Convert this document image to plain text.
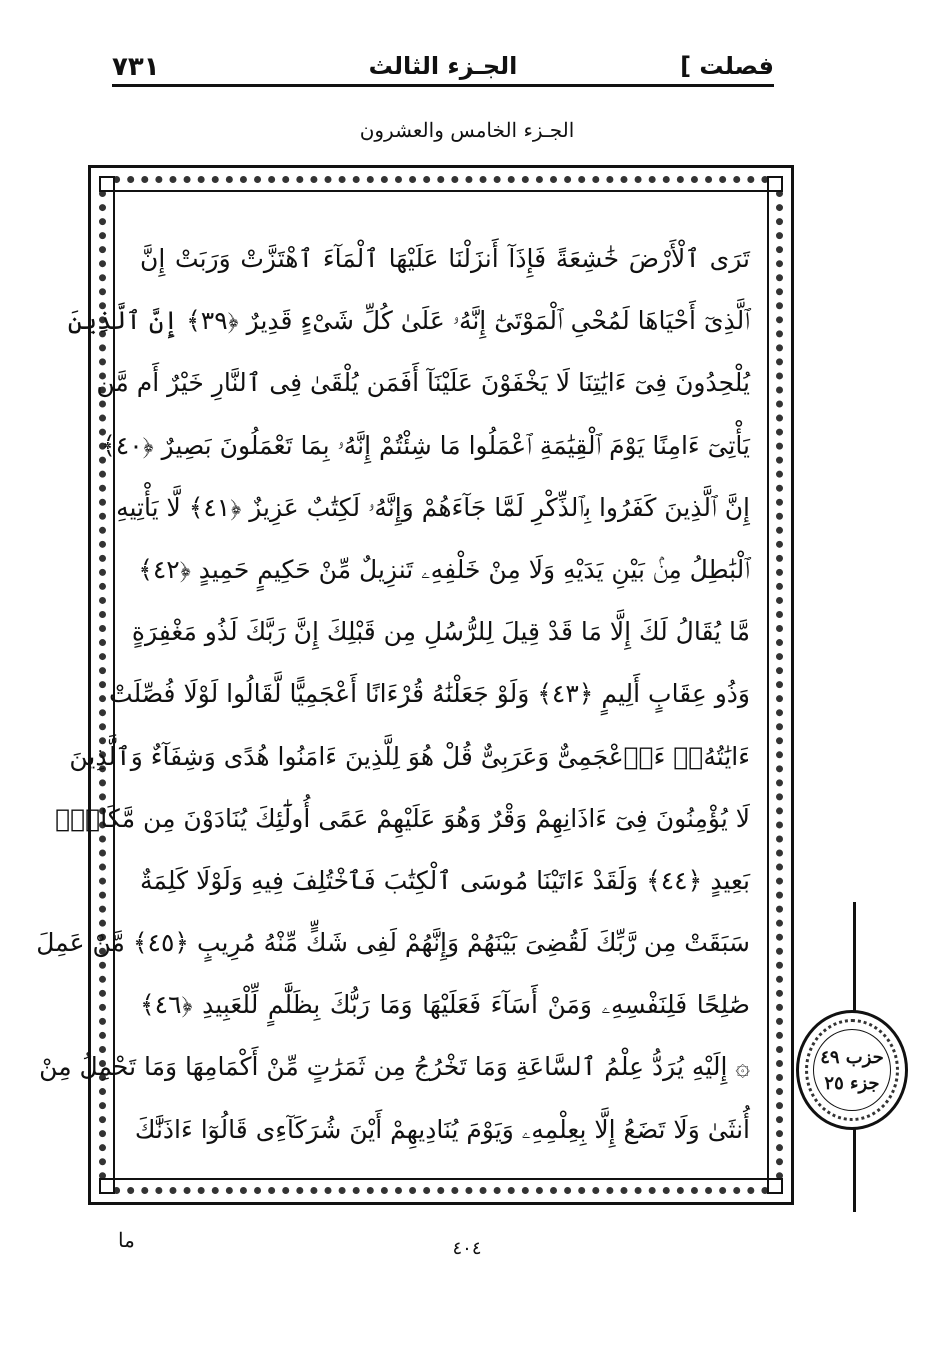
٧٣١	الجـزء الثالث	فصلت ]
الجـزء الخامس والعشرون
تَرَى ٱلْأَرْضَ خَٰشِعَةً فَإِذَآ أَنزَلْنَا عَلَيْهَا ٱلْمَآءَ ٱهْتَزَّتْ وَرَبَتْ إِنَّ
ٱلَّذِىٓ أَحْيَاهَا لَمُحْىِ ٱلْمَوْتَىٰٓ إِنَّهُۥ عَلَىٰ كُلِّ شَىْءٍ قَدِيرٌ ﴿٣٩﴾ إِنَّ ٱلَّذِينَ
يُلْحِدُونَ فِىٓ ءَايَٰتِنَا لَا يَخْفَوْنَ عَلَيْنَآ أَفَمَن يُلْقَىٰ فِى ٱلنَّارِ خَيْرٌ أَم مَّن
يَأْتِىٓ ءَامِنًا يَوْمَ ٱلْقِيَٰمَةِ ٱعْمَلُوا مَا شِئْتُمْ إِنَّهُۥ بِمَا تَعْمَلُونَ بَصِيرٌ ﴿٤٠﴾
إِنَّ ٱلَّذِينَ كَفَرُوا بِٱلذِّكْرِ لَمَّا جَآءَهُمْ وَإِنَّهُۥ لَكِتَٰبٌ عَزِيزٌ ﴿٤١﴾ لَّا يَأْتِيهِ
ٱلْبَٰطِلُ مِنۢ بَيْنِ يَدَيْهِ وَلَا مِنْ خَلْفِهِۦ تَنزِيلٌ مِّنْ حَكِيمٍ حَمِيدٍ ﴿٤٢﴾
مَّا يُقَالُ لَكَ إِلَّا مَا قَدْ قِيلَ لِلرُّسُلِ مِن قَبْلِكَ إِنَّ رَبَّكَ لَذُو مَغْفِرَةٍ
وَذُو عِقَابٍ أَلِيمٍ ﴿٤٣﴾ وَلَوْ جَعَلْنَٰهُ قُرْءَانًا أَعْجَمِيًّا لَّقَالُوا لَوْلَا فُصِّلَتْ
ءَايَٰتُهُۥٓ ءَا۬عْجَمِىٌّ وَعَرَبِىٌّ قُلْ هُوَ لِلَّذِينَ ءَامَنُوا هُدًى وَشِفَآءٌ وَٱلَّذِينَ
لَا يُؤْمِنُونَ فِىٓ ءَاذَانِهِمْ وَقْرٌ وَهُوَ عَلَيْهِمْ عَمًى أُولَٰٓئِكَ يُنَادَوْنَ مِن مَّكَانٍۭ
بَعِيدٍ ﴿٤٤﴾ وَلَقَدْ ءَاتَيْنَا مُوسَى ٱلْكِتَٰبَ فَٱخْتُلِفَ فِيهِ وَلَوْلَا كَلِمَةٌ
سَبَقَتْ مِن رَّبِّكَ لَقُضِىَ بَيْنَهُمْ وَإِنَّهُمْ لَفِى شَكٍّ مِّنْهُ مُرِيبٍ ﴿٤٥﴾ مَّنْ عَمِلَ
صَٰلِحًا فَلِنَفْسِهِۦ وَمَنْ أَسَآءَ فَعَلَيْهَا وَمَا رَبُّكَ بِظَلَّٰمٍ لِّلْعَبِيدِ ﴿٤٦﴾
۞ إِلَيْهِ يُرَدُّ عِلْمُ ٱلسَّاعَةِ وَمَا تَخْرُجُ مِن ثَمَرَٰتٍ مِّنْ أَكْمَامِهَا وَمَا تَحْمِلُ مِنْ
أُنثَىٰ وَلَا تَضَعُ إِلَّا بِعِلْمِهِۦ وَيَوْمَ يُنَادِيهِمْ أَيْنَ شُرَكَآءِى قَالُوٓا ءَاذَنَّٰكَ
حزب ٤٩
جزء ٢٥
ما	٤٠٤
